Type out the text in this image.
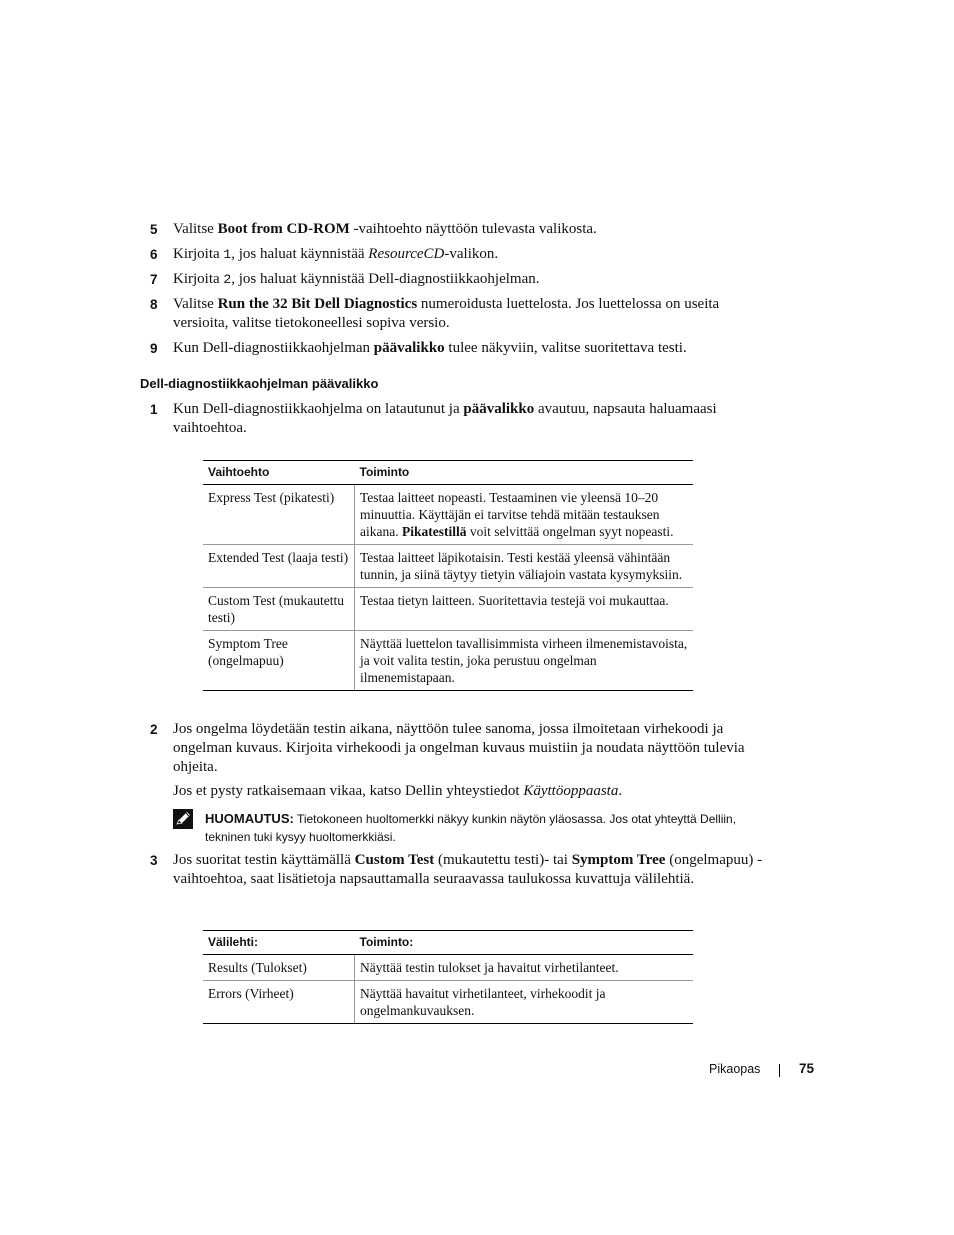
5 Valitse Boot from CD-ROM -vaihtoehto näyttöön tulevasta valikosta.
6 Kirjoita 1, jos haluat käynnistää ResourceCD-valikon.
7 Kirjoita 2, jos haluat käynnistää Dell-diagnostiikkaohjelman.
8 Valitse Run the 32 Bit Dell Diagnostics numeroidusta luettelosta. Jos luettelossa on useita versioita, valitse tietokoneellesi sopiva versio.
9 Kun Dell-diagnostiikkaohjelman päävalikko tulee näkyviin, valitse suoritettava testi.
Dell-diagnostiikkaohjelman päävalikko
1 Kun Dell-diagnostiikkaohjelma on latautunut ja päävalikko avautuu, napsauta haluamaasi vaihtoehtoa.
Vaihtoehto	Toiminto
Express Test (pikatesti)	Testaa laitteet nopeasti. Testaaminen vie yleensä 10–20 minuuttia. Käyttäjän ei tarvitse tehdä mitään testauksen aikana. Pikatestillä voit selvittää ongelman syyt nopeasti.
Extended Test (laaja testi)	Testaa laitteet läpikotaisin. Testi kestää yleensä vähintään tunnin, ja siinä täytyy tietyin väliajoin vastata kysymyksiin.
Custom Test (mukautettu testi)	Testaa tietyn laitteen. Suoritettavia testejä voi mukauttaa.
Symptom Tree (ongelmapuu)	Näyttää luettelon tavallisimmista virheen ilmenemistavoista, ja voit valita testin, joka perustuu ongelman ilmenemistapaan.
2 Jos ongelma löydetään testin aikana, näyttöön tulee sanoma, jossa ilmoitetaan virhekoodi ja ongelman kuvaus. Kirjoita virhekoodi ja ongelman kuvaus muistiin ja noudata näyttöön tulevia ohjeita.
Jos et pysty ratkaisemaan vikaa, katso Dellin yhteystiedot Käyttöoppaasta.
HUOMAUTUS: Tietokoneen huoltomerkki näkyy kunkin näytön yläosassa. Jos otat yhteyttä Delliin, tekninen tuki kysyy huoltomerkkiäsi.
3 Jos suoritat testin käyttämällä Custom Test (mukautettu testi)- tai Symptom Tree (ongelmapuu) -vaihtoehtoa, saat lisätietoja napsauttamalla seuraavassa taulukossa kuvattuja välilehtiä.
Välilehti:	Toiminto:
Results (Tulokset)	Näyttää testin tulokset ja havaitut virhetilanteet.
Errors (Virheet)	Näyttää havaitut virhetilanteet, virhekoodit ja ongelmankuvauksen.
Pikaopas	75
